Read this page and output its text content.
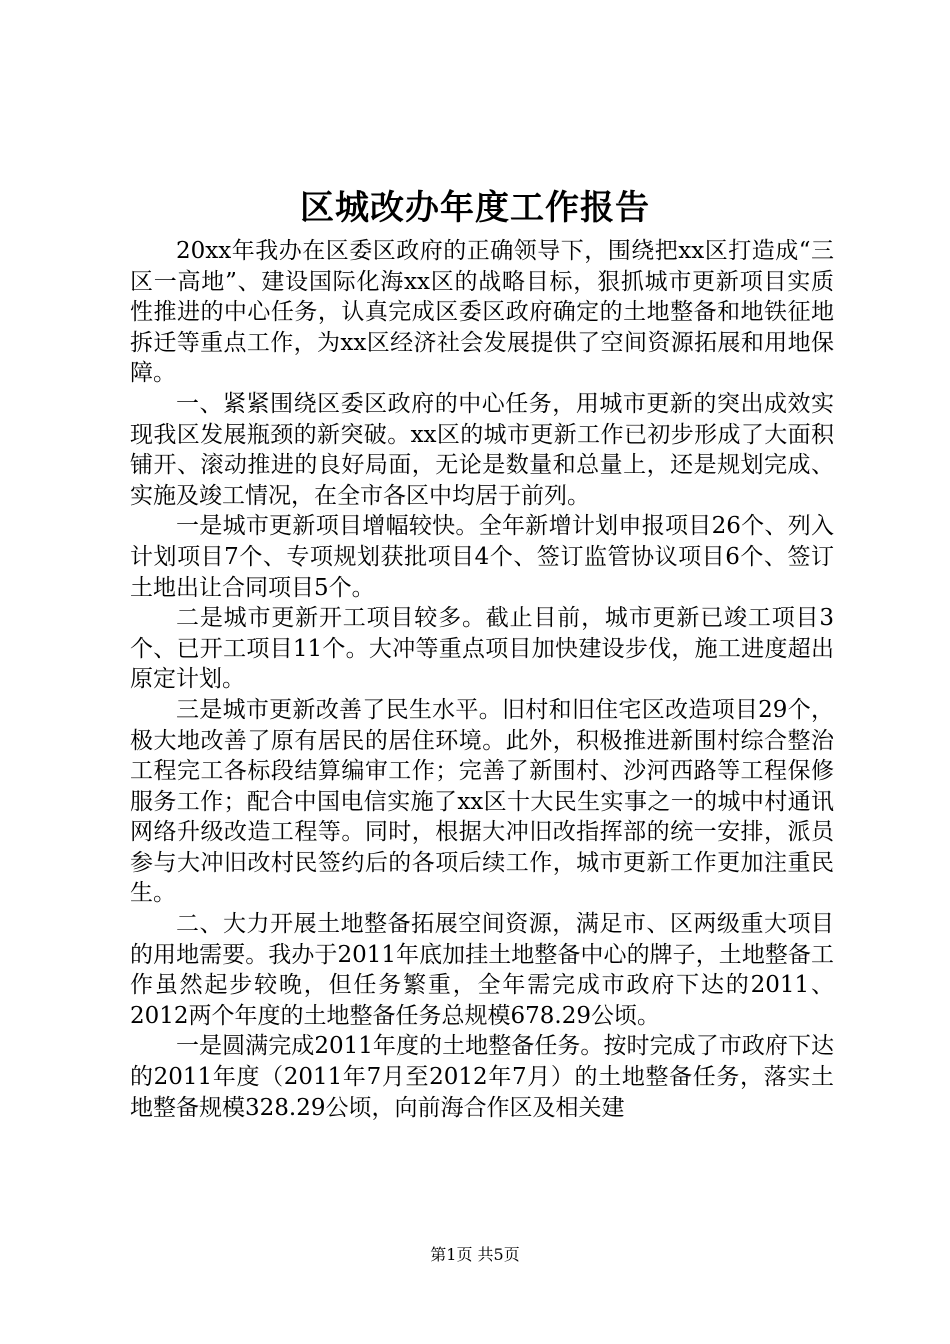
区城改办年度工作报告

20xx年我办在区委区政府的正确领导下，围绕把xx区打造成“三区一高地”、建设国际化海xx区的战略目标，狠抓城市更新项目实质性推进的中心任务，认真完成区委区政府确定的土地整备和地铁征地拆迁等重点工作，为xx区经济社会发展提供了空间资源拓展和用地保障。

一、紧紧围绕区委区政府的中心任务，用城市更新的突出成效实现我区发展瓶颈的新突破。xx区的城市更新工作已初步形成了大面积铺开、滚动推进的良好局面，无论是数量和总量上，还是规划完成、实施及竣工情况，在全市各区中均居于前列。

一是城市更新项目增幅较快。全年新增计划申报项目26个、列入计划项目7个、专项规划获批项目4个、签订监管协议项目6个、签订土地出让合同项目5个。

二是城市更新开工项目较多。截止目前，城市更新已竣工项目3个、已开工项目11个。大冲等重点项目加快建设步伐，施工进度超出原定计划。

三是城市更新改善了民生水平。旧村和旧住宅区改造项目29个，极大地改善了原有居民的居住环境。此外，积极推进新围村综合整治工程完工各标段结算编审工作；完善了新围村、沙河西路等工程保修服务工作；配合中国电信实施了xx区十大民生实事之一的城中村通讯网络升级改造工程等。同时，根据大冲旧改指挥部的统一安排，派员参与大冲旧改村民签约后的各项后续工作，城市更新工作更加注重民生。

二、大力开展土地整备拓展空间资源，满足市、区两级重大项目的用地需要。我办于2011年底加挂土地整备中心的牌子，土地整备工作虽然起步较晚，但任务繁重，全年需完成市政府下达的2011、2012两个年度的土地整备任务总规模678.29公顷。

一是圆满完成2011年度的土地整备任务。按时完成了市政府下达的2011年度（2011年7月至2012年7月）的土地整备任务，落实土地整备规模328.29公顷，向前海合作区及相关建

第1页 共5页
